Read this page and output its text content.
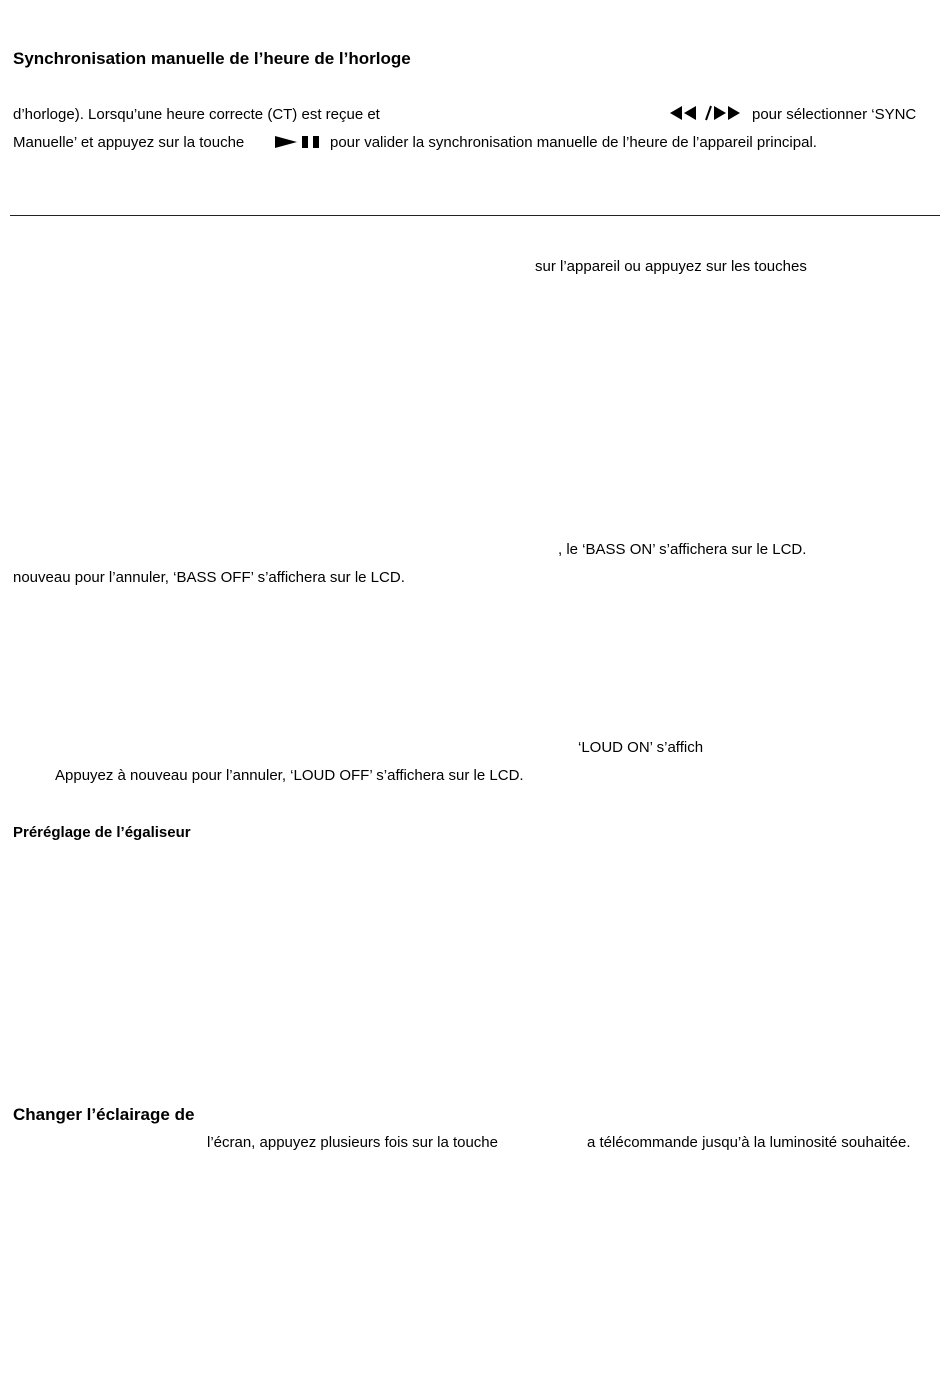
Synchronisation manuelle de l’heure de l’horloge
d’horloge). Lorsqu’une heure correcte (CT) est reçue et	pour sélectionner ‘SYNC
Manuelle’ et appuyez sur la touche	pour valider la synchronisation manuelle de l’heure de l’appareil principal.
sur l’appareil ou appuyez sur les touches
, le ‘BASS ON’ s’affichera sur le LCD.
nouveau pour l’annuler, ‘BASS OFF’ s’affichera sur le LCD.
‘LOUD ON’ s’affich
Appuyez à nouveau pour l’annuler, ‘LOUD OFF’ s’affichera sur le LCD.
Préréglage de l’égaliseur
Changer l’éclairage de
l’écran, appuyez plusieurs fois sur la touche	a télécommande jusqu’à la luminosité souhaitée.
